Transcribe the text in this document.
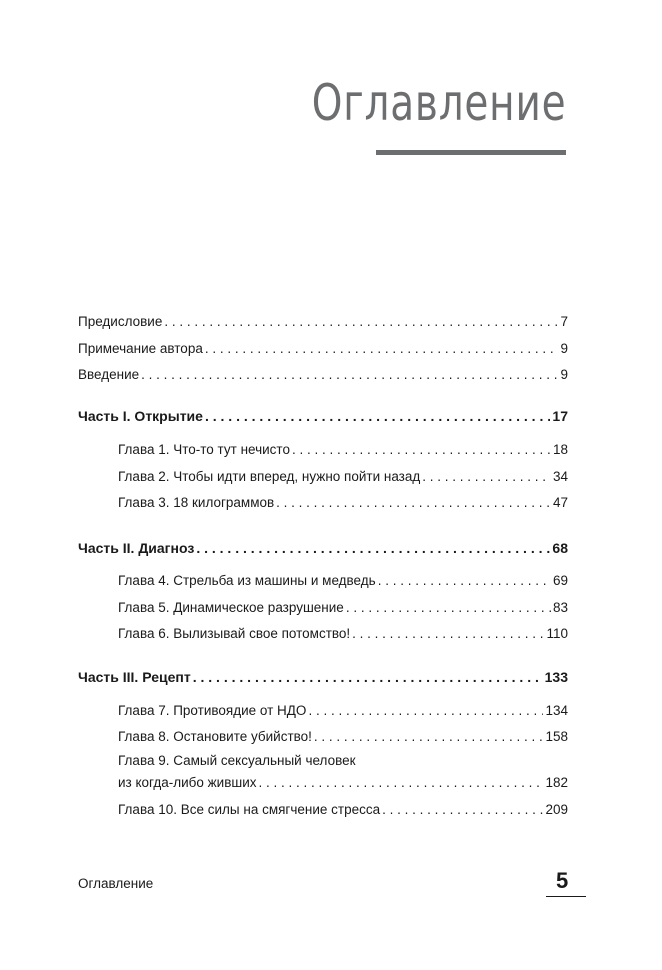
Оглавление
Предисловие . . .	7
Примечание автора . . .	9
Введение . . .	9
Часть I. Открытие . . .	17
Глава 1. Что-то тут нечисто . . .	18
Глава 2. Чтобы идти вперед, нужно пойти назад . . .	34
Глава 3. 18 килограммов . . .	47
Часть II. Диагноз . . .	68
Глава 4. Стрельба из машины и медведь . . .	69
Глава 5. Динамическое разрушение . . .	83
Глава 6. Вылизывай свое потомство! . . .	110
Часть III. Рецепт . . .	133
Глава 7. Противоядие от НДО . . .	134
Глава 8. Остановите убийство! . . .	158
Глава 9. Самый сексуальный человек
из когда-либо живших . . .	182
Глава 10. Все силы на смягчение стресса . . .	209
Оглавление	5
